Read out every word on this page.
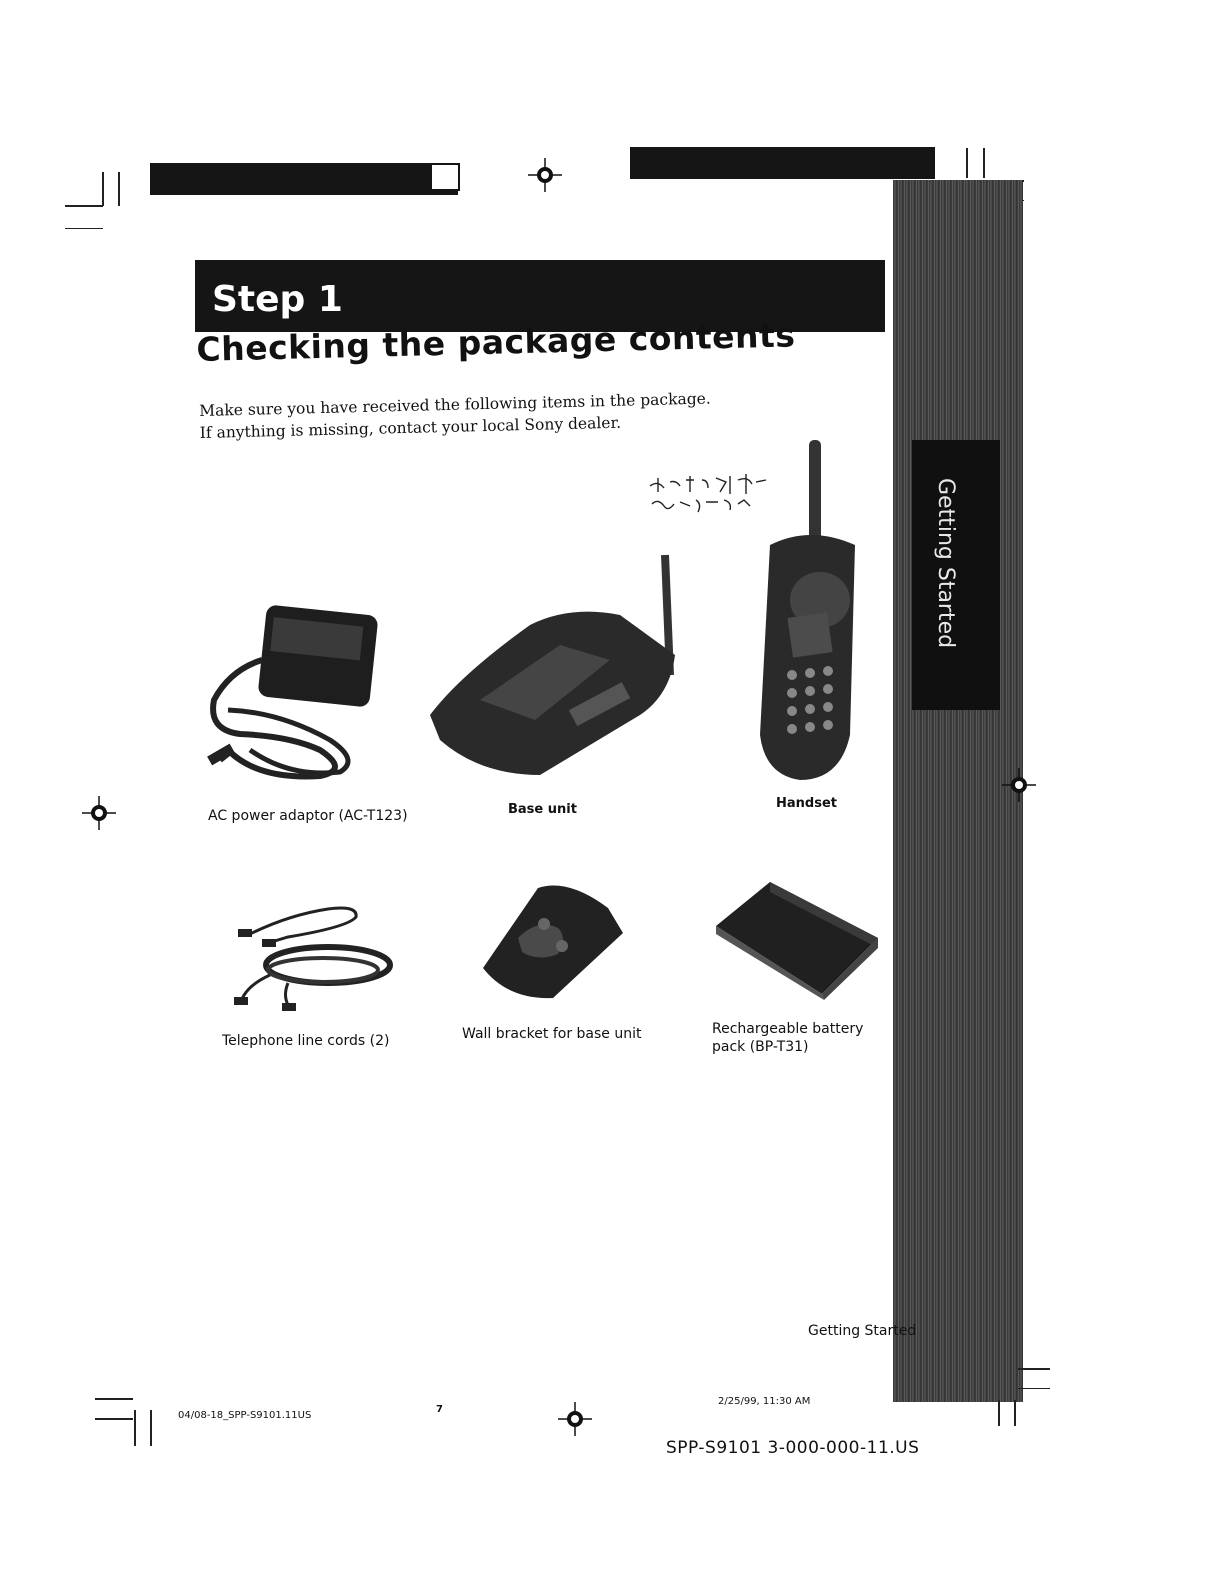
Step 1
Checking the package contents
Make sure you have received the following items in the package.
If anything is missing, contact your local Sony dealer.
AC power adaptor (AC-T123)	Base unit	Handset
Telephone line cords (2)	Wall bracket for base unit	Rechargeable battery pack (BP-T31)
Getting Started
Getting Started
04/08-18_SPP-S9101.11US
7
2/25/99, 11:30 AM
SPP-S9101 3-000-000-11.US
